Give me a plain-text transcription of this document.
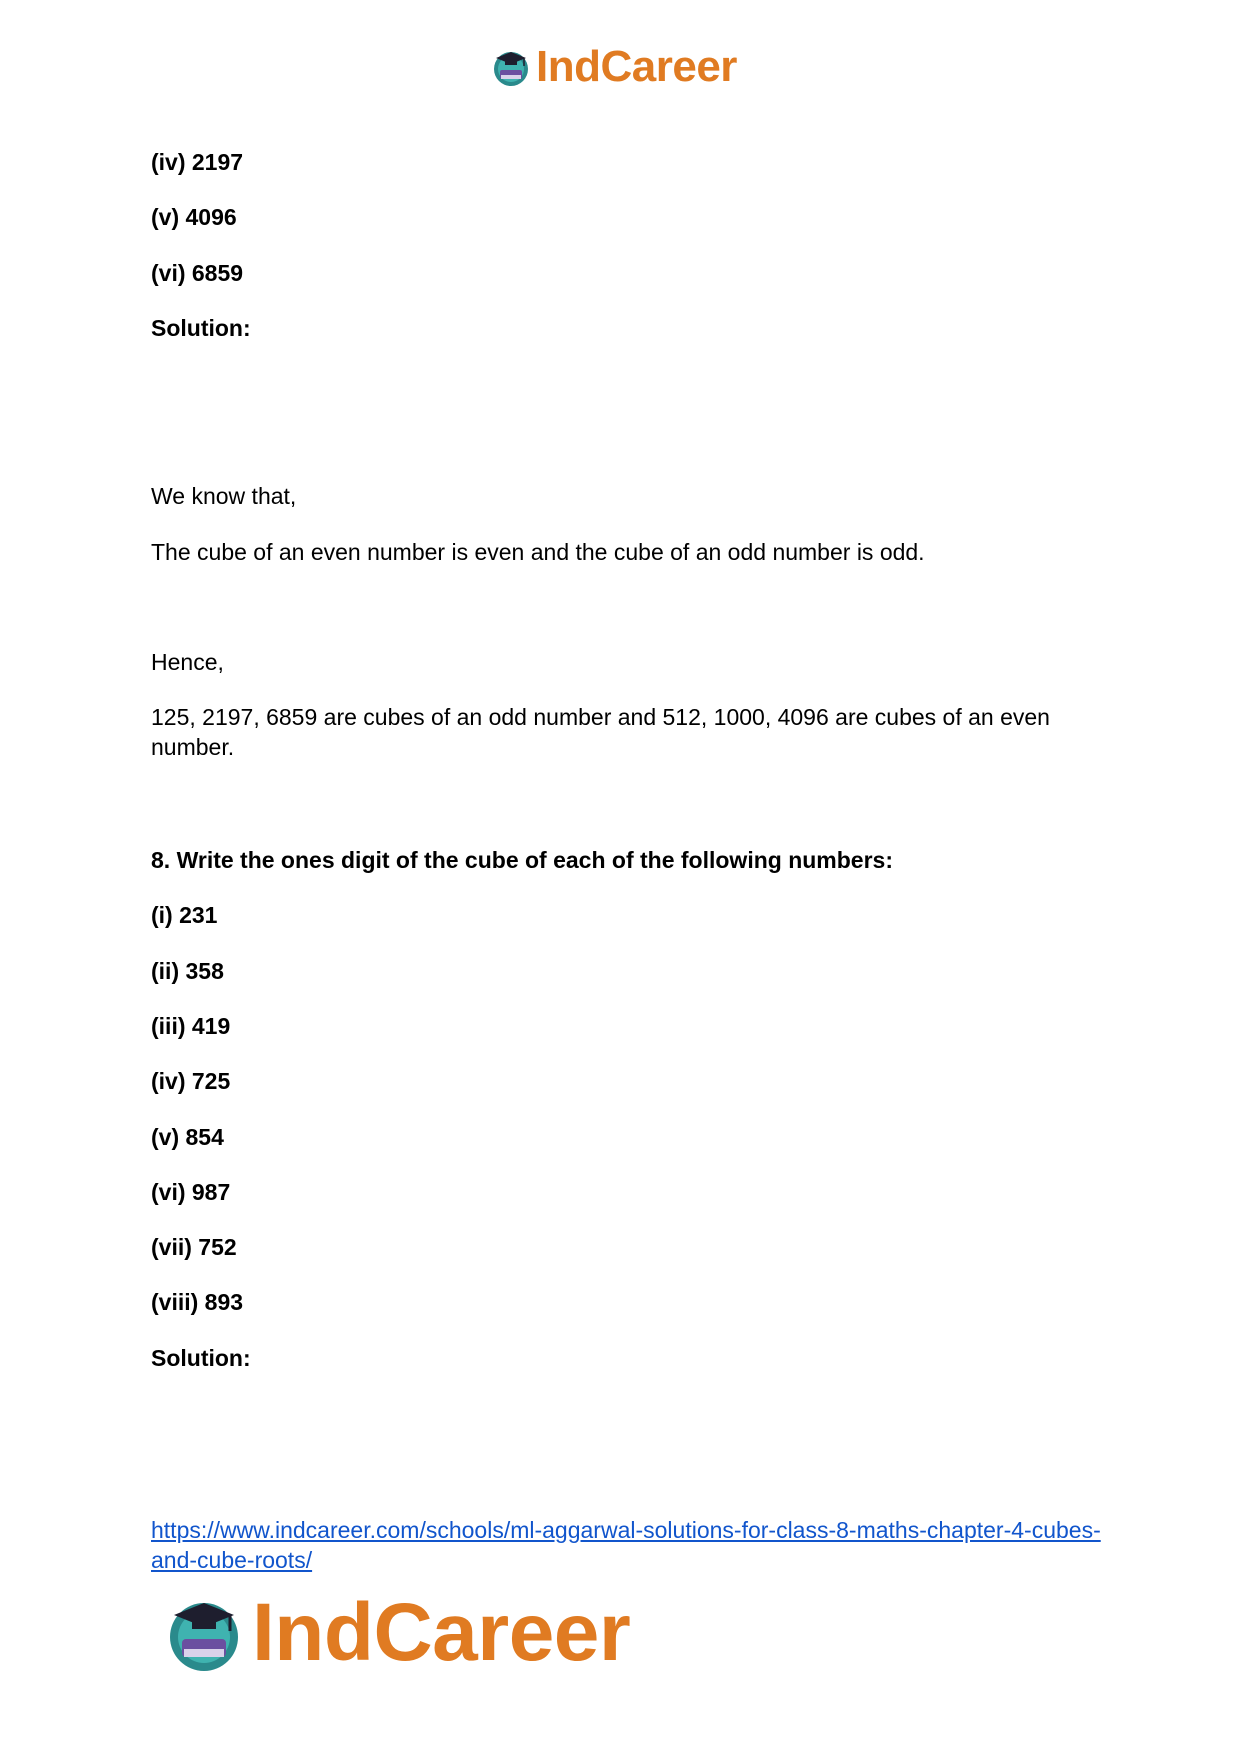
IndCareer
(iv) 2197
(v) 4096
(vi) 6859
Solution:
We know that,
The cube of an even number is even and the cube of an odd number is odd.
Hence,
125, 2197, 6859 are cubes of an odd number and 512, 1000, 4096 are cubes of an even number.
8. Write the ones digit of the cube of each of the following numbers:
(i) 231
(ii) 358
(iii) 419
(iv) 725
(v) 854
(vi) 987
(vii) 752
(viii) 893
Solution:
https://www.indcareer.com/schools/ml-aggarwal-solutions-for-class-8-maths-chapter-4-cubes-and-cube-roots/
IndCareer
